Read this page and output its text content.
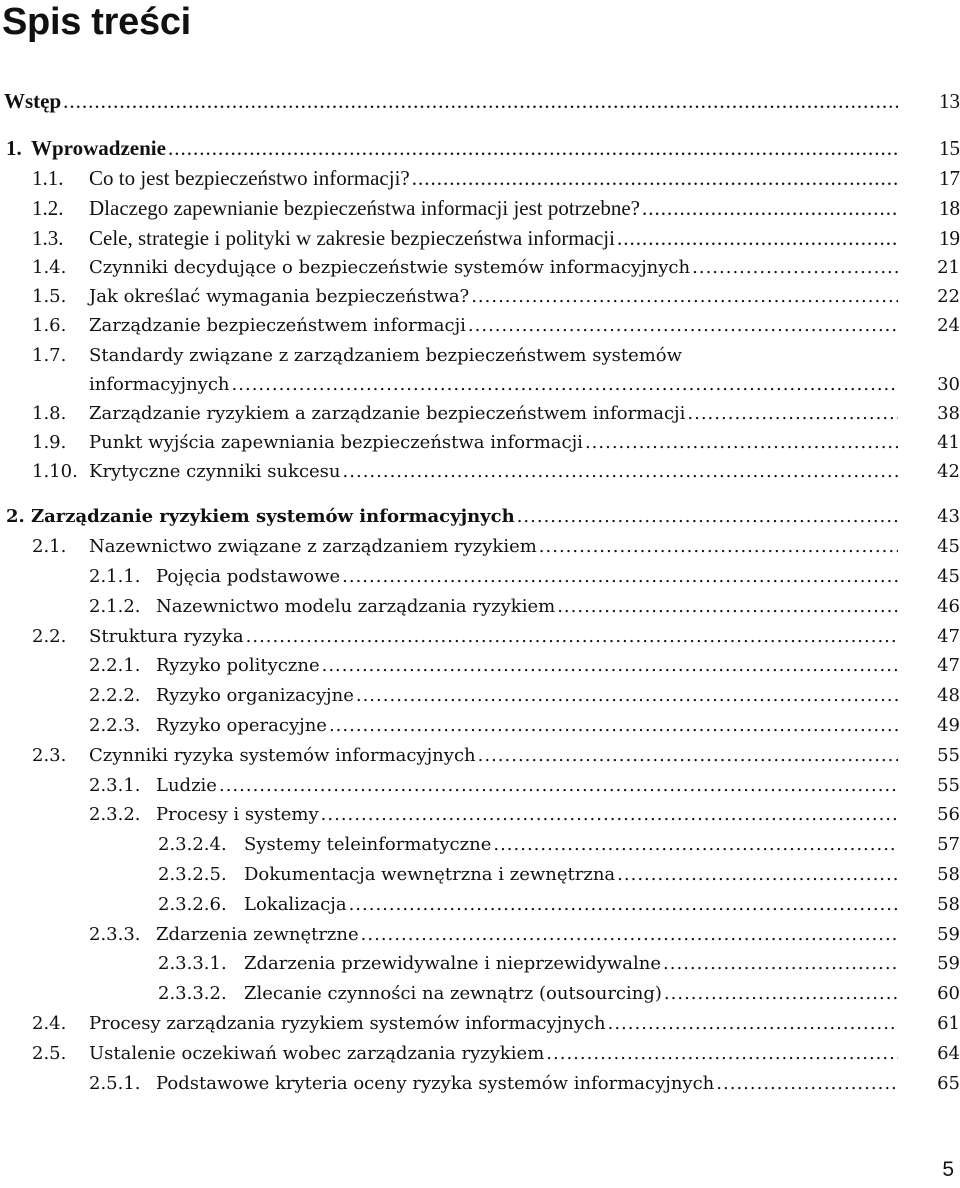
Spis treści
Wstęp .....	13
1. Wprowadzenie .....	15
1.1.	Co to jest bezpieczeństwo informacji? .....	17
1.2.	Dlaczego zapewnianie bezpieczeństwa informacji jest potrzebne? .....	18
1.3.	Cele, strategie i polityki w zakresie bezpieczeństwa informacji .....	19
1.4.	Czynniki decydujące o bezpieczeństwie systemów informacyjnych .....	21
1.5.	Jak określać wymagania bezpieczeństwa? .....	22
1.6.	Zarządzanie bezpieczeństwem informacji .....	24
1.7. Standardy związane z zarządzaniem bezpieczeństwem systemów
informacyjnych .....	30
1.8.	Zarządzanie ryzykiem a zarządzanie bezpieczeństwem informacji .....	38
1.9.	Punkt wyjścia zapewniania bezpieczeństwa informacji .....	41
1.10. Krytyczne czynniki sukcesu .....	42
2. Zarządzanie ryzykiem systemów informacyjnych .....	43
2.1.	Nazewnictwo związane z zarządzaniem ryzykiem .....	45
2.1.1. Pojęcia podstawowe .....	45
2.1.2. Nazewnictwo modelu zarządzania ryzykiem .....	46
2.2.	Struktura ryzyka .....	47
2.2.1. Ryzyko polityczne .....	47
2.2.2. Ryzyko organizacyjne .....	48
2.2.3. Ryzyko operacyjne .....	49
2.3.	Czynniki ryzyka systemów informacyjnych .....	55
2.3.1. Ludzie .....	55
2.3.2. Procesy i systemy .....	56
2.3.2.4. Systemy teleinformatyczne .....	57
2.3.2.5. Dokumentacja wewnętrzna i zewnętrzna .....	58
2.3.2.6. Lokalizacja .....	58
2.3.3. Zdarzenia zewnętrzne .....	59
2.3.3.1. Zdarzenia przewidywalne i nieprzewidywalne .....	59
2.3.3.2. Zlecanie czynności na zewnątrz (outsourcing) .....	60
2.4.	Procesy zarządzania ryzykiem systemów informacyjnych .....	61
2.5.	Ustalenie oczekiwań wobec zarządzania ryzykiem .....	64
2.5.1. Podstawowe kryteria oceny ryzyka systemów informacyjnych .....	65
5
